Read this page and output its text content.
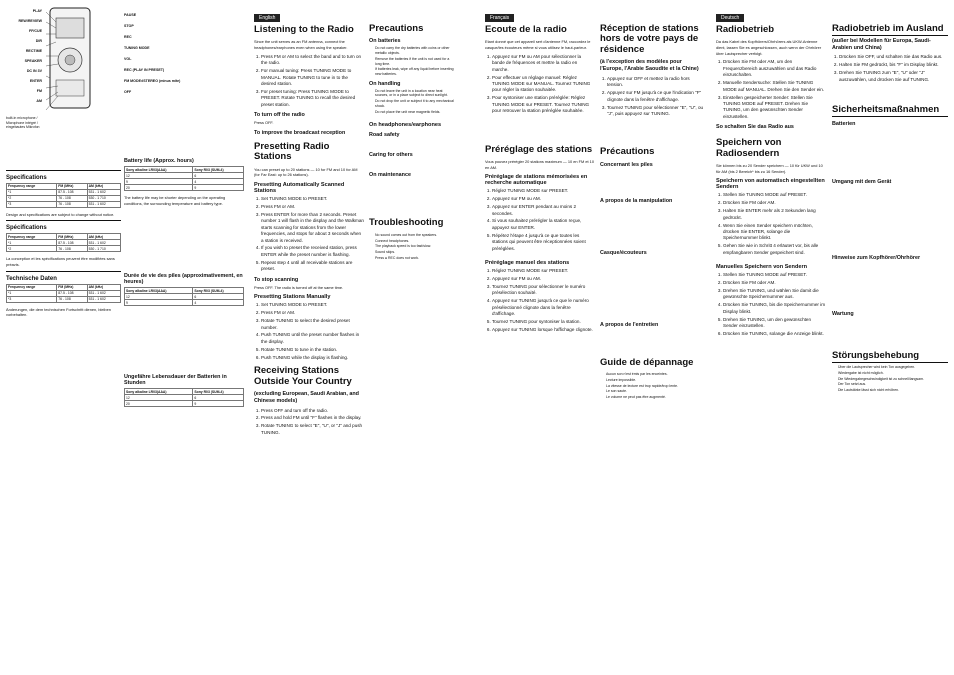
PLAY
REW/REVIEW
FF/CUE
DIR
RECTIME
SPEAKER
DC IN 3V
ENTER
FM
AM
built-in microphone / Microphone intégré / eingebautes Mikrofon
Specifications
Frequency range	FM (MHz)	AM (kHz)
*1	87.5 - 108	531 - 1 602
*2	76 - 108	530 - 1 710
*3	76 - 108	531 - 1 602

Design and specifications are subject to change without notice.

Spécifications
Frequency range	FM (MHz)	AM (kHz)
*1	87.5 - 108	531 - 1 602
*2	76 - 108	530 - 1 710

La conception et les spécifications peuvent être modifiées sans préavis.

Technische Daten
Frequency range	FM (MHz)	AM (kHz)
*1	87.5 - 108	531 - 1 602
*3	76 - 108	531 - 1 602

Änderungen, die dem technischen Fortschritt dienen, bleiben vorbehalten.

PAUSE
STOP
REC
TUNING MODE
VOL
REC (PLAY IN PRESET)
FM MODE•ISTEREO (minus mite)
OFF
Battery life (Approx. hours)
Sony alkaline LR03(AAA)	Sony R03 (SUM-4)
12	6
9	4
20	9

The battery life may be shorter depending on the operating conditions, the surrounding temperature and battery type.

Durée de vie des piles (approximativement, en heures)
Sony alkaline LR03(AAA)	Sony R03 (SUM-4)
12	6
9	4
Ungefähre Lebensdauer der Batterien in Stunden
Sony alkaline LR03(AAA)	Sony R03 (SUM-4)
12	6
20	9
English
Listening to the Radio

Since the unit serves as an FM antenna, connect the headphones/earphones even when using the speaker.

1. Press FM or AM to select the band and to turn on the radio.
2. For manual tuning: Press TUNING MODE to MANUAL. Rotate TUNING to tune in to the desired station.
3. For preset tuning: Press TUNING MODE to PRESET. Rotate TUNING to recall the desired preset station.
To turn off the radio

Press OFF.

To improve the broadcast reception
Presetting Radio Stations

You can preset up to 20 stations — 10 for FM and 10 for AM (for Far East: up to 26 stations).

Presetting Automatically Scanned Stations
1. Set TUNING MODE to PRESET.
2. Press FM or AM.
3. Press ENTER for more than 2 seconds. Preset number 1 will flash in the display and the Walkman starts scanning for stations from the lower frequencies, and stops for about 3 seconds when a station is received.
4. If you wish to preset the received station, press ENTER while the preset number is flashing.
5. Repeat step 4 until all receivable stations are preset.
To stop scanning

Press OFF. The radio is turned off at the same time.

Presetting Stations Manually
1. Set TUNING MODE to PRESET.
2. Press FM or AM.
3. Rotate TUNING to select the desired preset number.
4. Push TUNING until the preset number flashes in the display.
5. Rotate TUNING to tune in the station.
6. Push TUNING while the display is flashing.
Receiving Stations Outside Your Country
(excluding European, Saudi Arabian, and Chinese models)
1. Press OFF and turn off the radio.
2. Press and hold FM until "F" flashes in the display.
3. Rotate TUNING to select "E", "U", or "J" and push TUNING.
Precautions
On batteries
• Do not carry the dry batteries with coins or other metallic objects.
• Remove the batteries if the unit is not used for a long time.
• If batteries leak, wipe off any liquid before inserting new batteries.
On handling
• Do not leave the unit in a location near heat sources, or in a place subject to direct sunlight.
• Do not drop the unit or subject it to any mechanical shock.
• Do not place the unit near magnetic fields.
On headphones/earphones
Road safety
Caring for others
On maintenance
Troubleshooting
• No sound comes out from the speakers.
• Connect headphones.
• The playback speed is too fast/slow.
• Sound skips.
• Press ● REC does not work.
Français
Ecoute de la radio

Etant donné que cet appareil sert d'antenne FM, raccordez le casque/les écouteurs même si vous utilisez le haut-parleur.

1. Appuyez sur FM ou AM pour sélectionner la bande de fréquences et mettre la radio en marche.
2. Pour effectuer un réglage manuel: Réglez TUNING MODE sur MANUAL. Tournez TUNING pour régler la station souhaitée.
3. Pour syntoniser une station préréglée: Réglez TUNING MODE sur PRESET. Tournez TUNING pour retrouver la station préréglée souhaitée.
Préréglage des stations

Vous pouvez prérégler 20 stations maximum — 10 en FM et 10 en AM.

Préréglage de stations mémorisées en recherche automatique
1. Réglez TUNING MODE sur PRESET.
2. Appuyez sur FM ou AM.
3. Appuyez sur ENTER pendant au moins 2 secondes.
4. Si vous souhaitez prérégler la station reçue, appuyez sur ENTER.
5. Répétez l'étape 4 jusqu'à ce que toutes les stations qui peuvent être réceptionnées soient préréglées.
Préréglage manuel des stations
1. Réglez TUNING MODE sur PRESET.
2. Appuyez sur FM ou AM.
3. Tournez TUNING pour sélectionner le numéro présélection souhaité.
4. Appuyez sur TUNING jusqu'à ce que le numéro présélectionné clignote dans la fenêtre d'affichage.
5. Tournez TUNING pour syntoniser la station.
6. Appuyez sur TUNING lorsque l'affichage clignote.
Réception de stations hors de votre pays de résidence
(à l'exception des modèles pour l'Europe, l'Arabie Saoudite et la Chine)
1. Appuyez sur OFF et mettez la radio hors tension.
2. Appuyez sur FM jusqu'à ce que l'indication "F" clignote dans la fenêtre d'affichage.
3. Tournez TUNING pour sélectionner "E", "U", ou "J", puis appuyez sur TUNING.
Précautions
Concernant les piles
A propos de la manipulation
Casque/écouteurs
A propos de l'entretien
Guide de dépannage
• Aucun son n'est émis par les enceintes.
• Lecture impossible.
• La vitesse de lecture est trop rapide/trop lente.
• Le son saute.
• Le volume ne peut pas être augmenté.
Deutsch
Radiobetrieb

Da das Kabel des Kopfhörers/Ohrhörers als UKW-Antenne dient, lassen Sie es angeschlossen, auch wenn der Ohrhörer über Lautsprecher verfolgt.

1. Drücken Sie FM oder AM, um den Frequenzbereich auszuwählen und das Radio einzuschalten.
2. Manuelle Sendersuche: Stellen Sie TUNING MODE auf MANUAL. Drehen Sie den Sender ein.
3. Einstellen gespeicherter Sender: Stellen Sie TUNING MODE auf PRESET. Drehen Sie TUNING, um den gewünschten Sender einzustellen.
So schalten Sie das Radio aus
Speichern von Radiosendern

Sie können bis zu 20 Sender speichern — 10 für UKW und 10 für AM (bis 2 Bereich* bis zu 16 Sender).

Speichern von automatisch eingestellten Sendern
1. Stellen Sie TUNING MODE auf PRESET.
2. Drücken Sie FM oder AM.
3. Halten Sie ENTER mehr als 2 Sekunden lang gedrückt.
4. Wenn Sie einen Sender speichern möchten, drücken Sie ENTER, solange die Speichernummer blinkt.
5. Gehen Sie wie in Schritt 4 erläutert vor, bis alle empfangbaren Sender gespeichert sind.
Manuelles Speichern von Sendern
1. Stellen Sie TUNING MODE auf PRESET.
2. Drücken Sie FM oder AM.
3. Drehen Sie TUNING, und wählen Sie damit die gewünschte Speichernummer aus.
4. Drücken Sie TUNING, bis die Speichernummer im Display blinkt.
5. Drehen Sie TUNING, um den gewünschten Sender einzustellen.
6. Drücken Sie TUNING, solange die Anzeige blinkt.
Radiobetrieb im Ausland
(außer bei Modellen für Europa, Saudi-Arabien und China)
1. Drücken Sie OFF, und schalten Sie das Radio aus.
2. Halten Sie FM gedrückt, bis "F" im Display blinkt.
3. Drehen Sie TUNING zum "E", "U" oder "J" auszuwählen, und drücken Sie auf TUNING.
Sicherheitsmaßnahmen
Batterien
Umgang mit dem Gerät
Hinweise zum Kopfhörer/Ohrhörer
Wartung
Störungsbehebung
• Über die Lautsprecher wird kein Ton ausgegeben.
• Wiedergabe ist nicht möglich.
• Die Wiedergabegeschwindigkeit ist zu schnell/langsam.
• Der Ton setzt aus.
• Die Lautstärke lässt sich nicht erhöhen.
